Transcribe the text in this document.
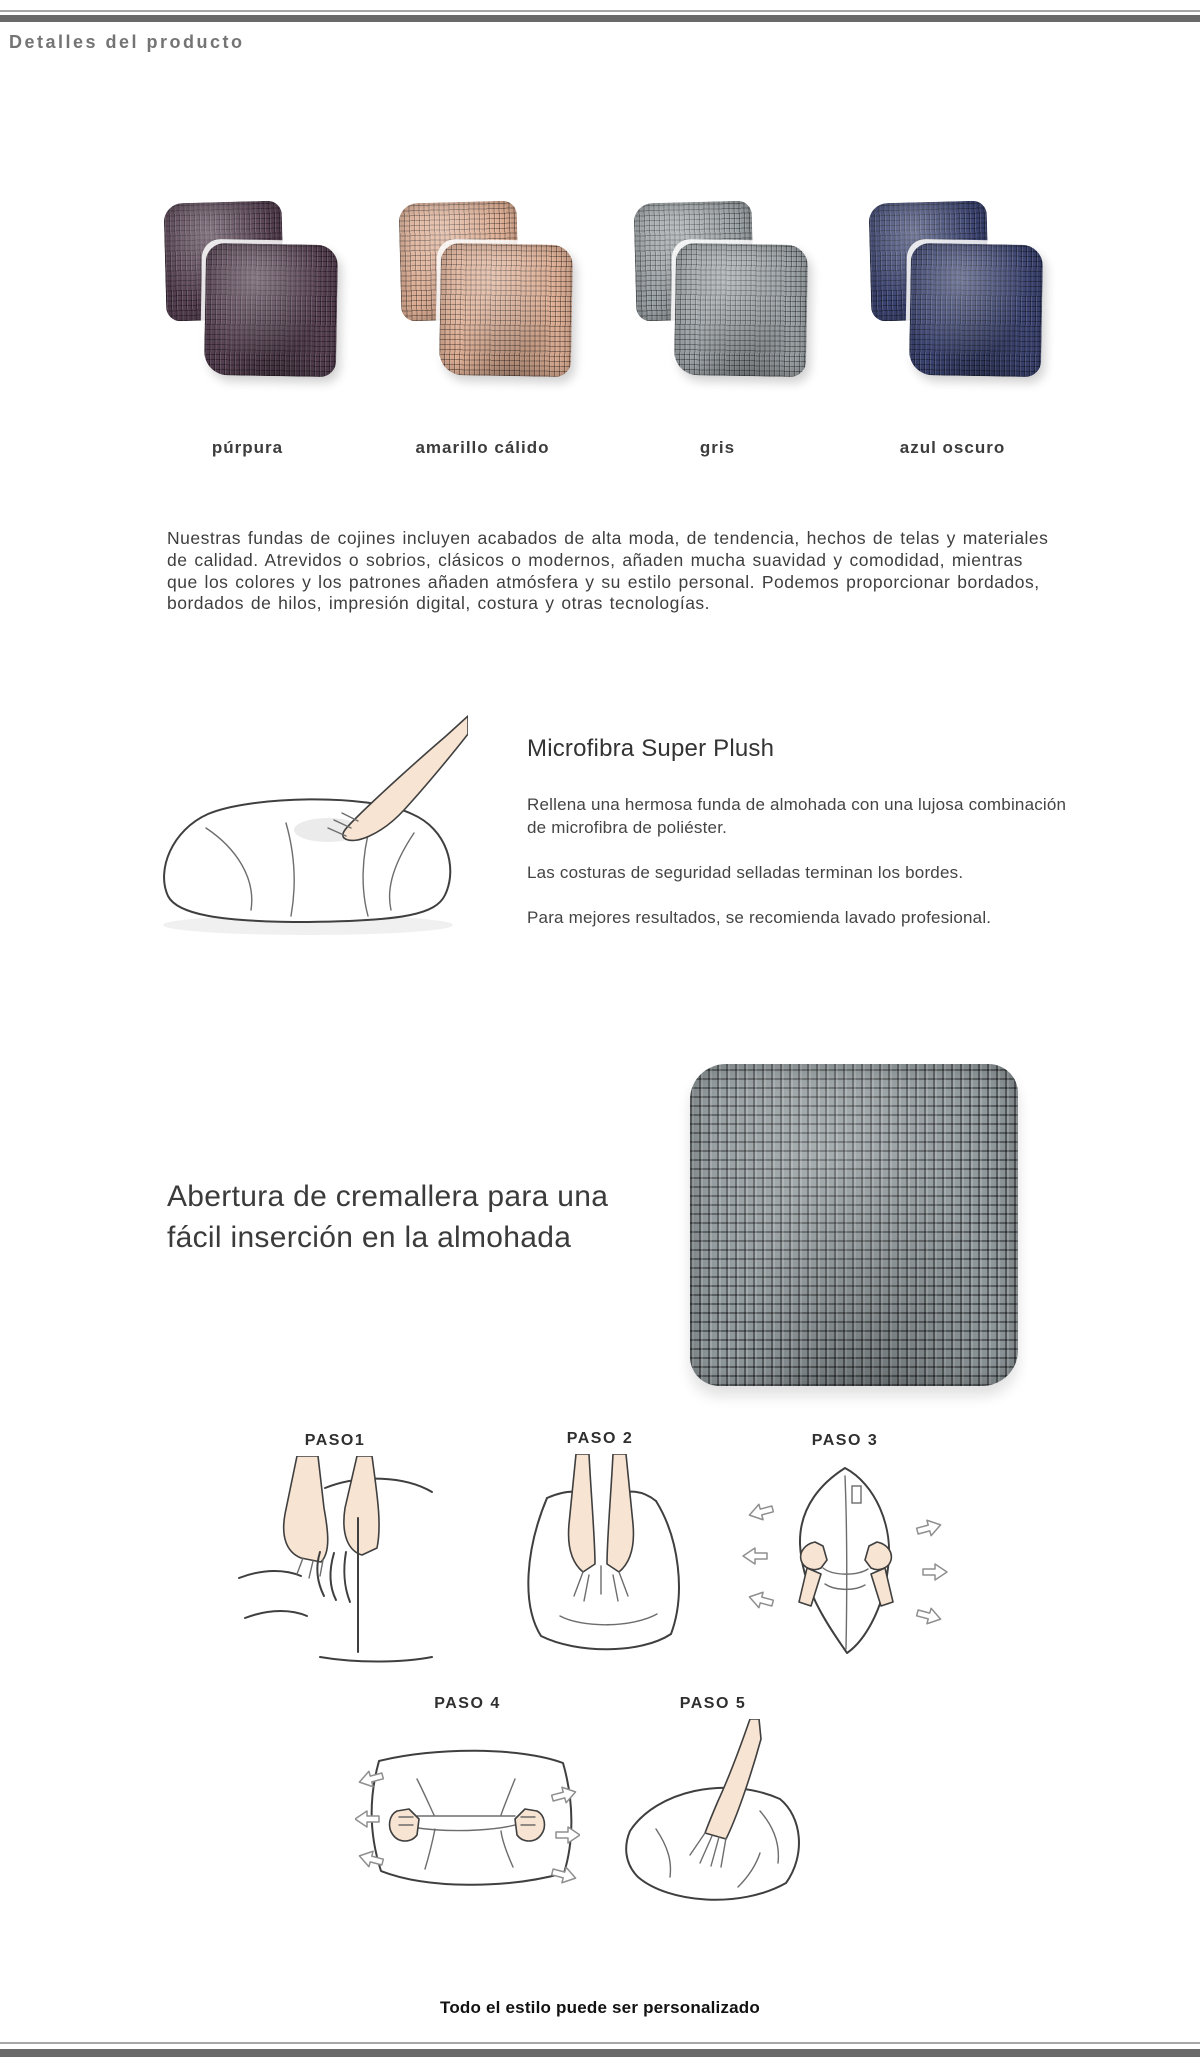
Detalles del producto
púrpura	amarillo cálido	gris	azul oscuro

Nuestras fundas de cojines incluyen acabados de alta moda, de tendencia, hechos de telas y materiales de calidad. Atrevidos o sobrios, clásicos o modernos, añaden mucha suavidad y comodidad, mientras que los colores y los patrones añaden atmósfera y su estilo personal. Podemos proporcionar bordados, bordados de hilos, impresión digital, costura y otras tecnologías.

Microfibra Super Plush

Rellena una hermosa funda de almohada con una lujosa combinación de microfibra de poliéster.

Las costuras de seguridad selladas terminan los bordes.

Para mejores resultados, se recomienda lavado profesional.

Abertura de cremallera para una fácil inserción en la almohada
PASO1	PASO 2	PASO 3
PASO 4	PASO 5
Todo el estilo puede ser personalizado
